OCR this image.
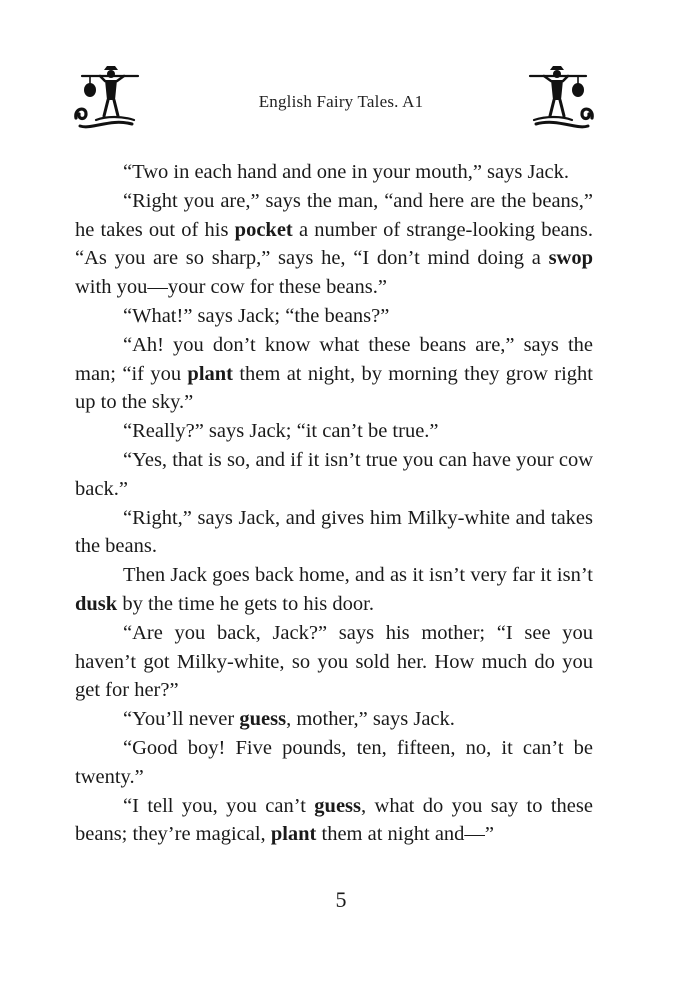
English Fairy Tales. A1

“Two in each hand and one in your mouth,” says Jack.

“Right you are,” says the man, “and here are the beans,” he takes out of his pocket a number of strange-looking beans. “As you are so sharp,” says he, “I don’t mind doing a swop with you—your cow for these beans.”

“What!” says Jack; “the beans?”

“Ah! you don’t know what these beans are,” says the man; “if you plant them at night, by morning they grow right up to the sky.”

“Really?” says Jack; “it can’t be true.”

“Yes, that is so, and if it isn’t true you can have your cow back.”

“Right,” says Jack, and gives him Milky-white and takes the beans.

Then Jack goes back home, and as it isn’t very far it isn’t dusk by the time he gets to his door.

“Are you back, Jack?” says his mother; “I see you haven’t got Milky-white, so you sold her. How much do you get for her?”

“You’ll never guess, mother,” says Jack.

“Good boy! Five pounds, ten, fifteen, no, it can’t be twenty.”

“I tell you, you can’t guess, what do you say to these beans; they’re magical, plant them at night and—”

5
